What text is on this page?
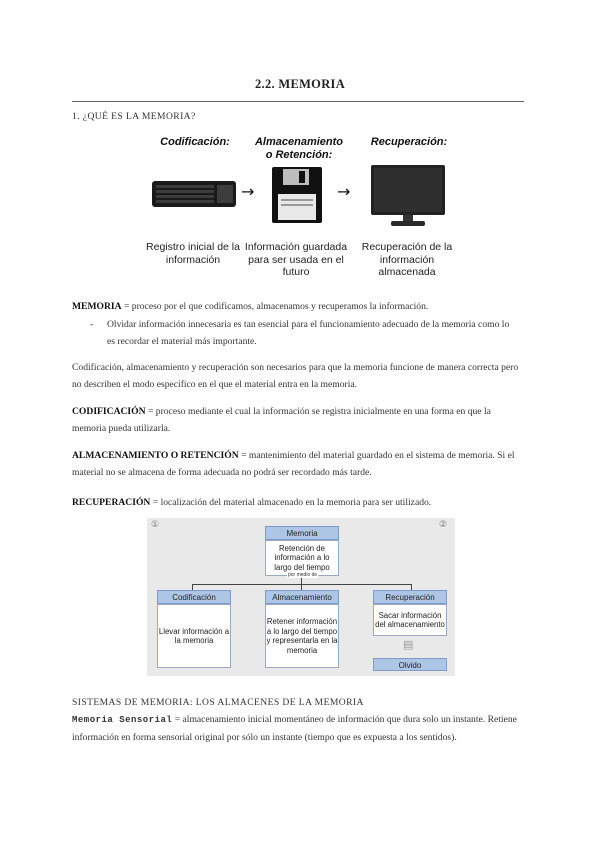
2.2. MEMORIA
1. ¿QUÉ ES LA MEMORIA?
Codificación:	Almacenamiento o Retención:
Recuperación:
→	→
Registro inicial de la información
Información guardada para ser usada en el futuro
Recuperación de la información almacenada
MEMORIA = proceso por el que codificamos, almacenamos y recuperamos la información.
-	Olvidar información innecesaria es tan esencial para el funcionamiento adecuado de la memoria como lo es recordar el material más importante.
Codificación, almacenamiento y recuperación son necesarios para que la memoria funcione de manera correcta pero no describen el modo específico en el que el material entra en la memoria.
CODIFICACIÓN = proceso mediante el cual la información se registra inicialmente en una forma en que la memoria pueda utilizarla.
ALMACENAMIENTO O RETENCIÓN = mantenimiento del material guardado en el sistema de memoria. Si el material no se almacena de forma adecuada no podrá ser recordado más tarde.
RECUPERACIÓN = localización del material almacenado en la memoria para ser utilizado.
①	②
Memoria
Retención de información a lo largo del tiempo
por medio de
Codificación
Llevar información a la memoria
Almacenamiento
Retener información a lo largo del tiempo y representarla en la memoria
Recuperación
Sacar información del almacenamiento
▤
Olvido
SISTEMAS DE MEMORIA: LOS ALMACENES DE LA MEMORIA
Memoria Sensorial = almacenamiento inicial momentáneo de información que dura solo un instante. Retiene información en forma sensorial original por sólo un instante (tiempo que es expuesta a los sentidos).
